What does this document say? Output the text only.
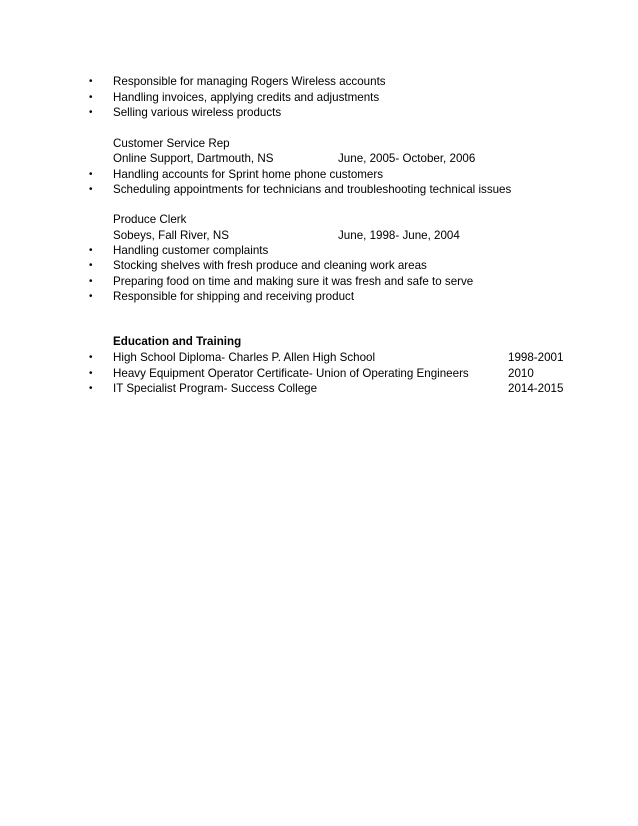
• Responsible for managing Rogers Wireless accounts
• Handling invoices, applying credits and adjustments
• Selling various wireless products
Customer Service Rep
Online Support, Dartmouth, NS	June, 2005- October, 2006
• Handling accounts for Sprint home phone customers
• Scheduling appointments for technicians and troubleshooting technical issues
Produce Clerk
Sobeys, Fall River, NS	June, 1998- June, 2004
• Handling customer complaints
• Stocking shelves with fresh produce and cleaning work areas
• Preparing food on time and making sure it was fresh and safe to serve
• Responsible for shipping and receiving product
Education and Training
• High School Diploma- Charles P. Allen High School	1998-2001
• Heavy Equipment Operator Certificate- Union of Operating Engineers	2010
• IT Specialist Program- Success College	2014-2015
